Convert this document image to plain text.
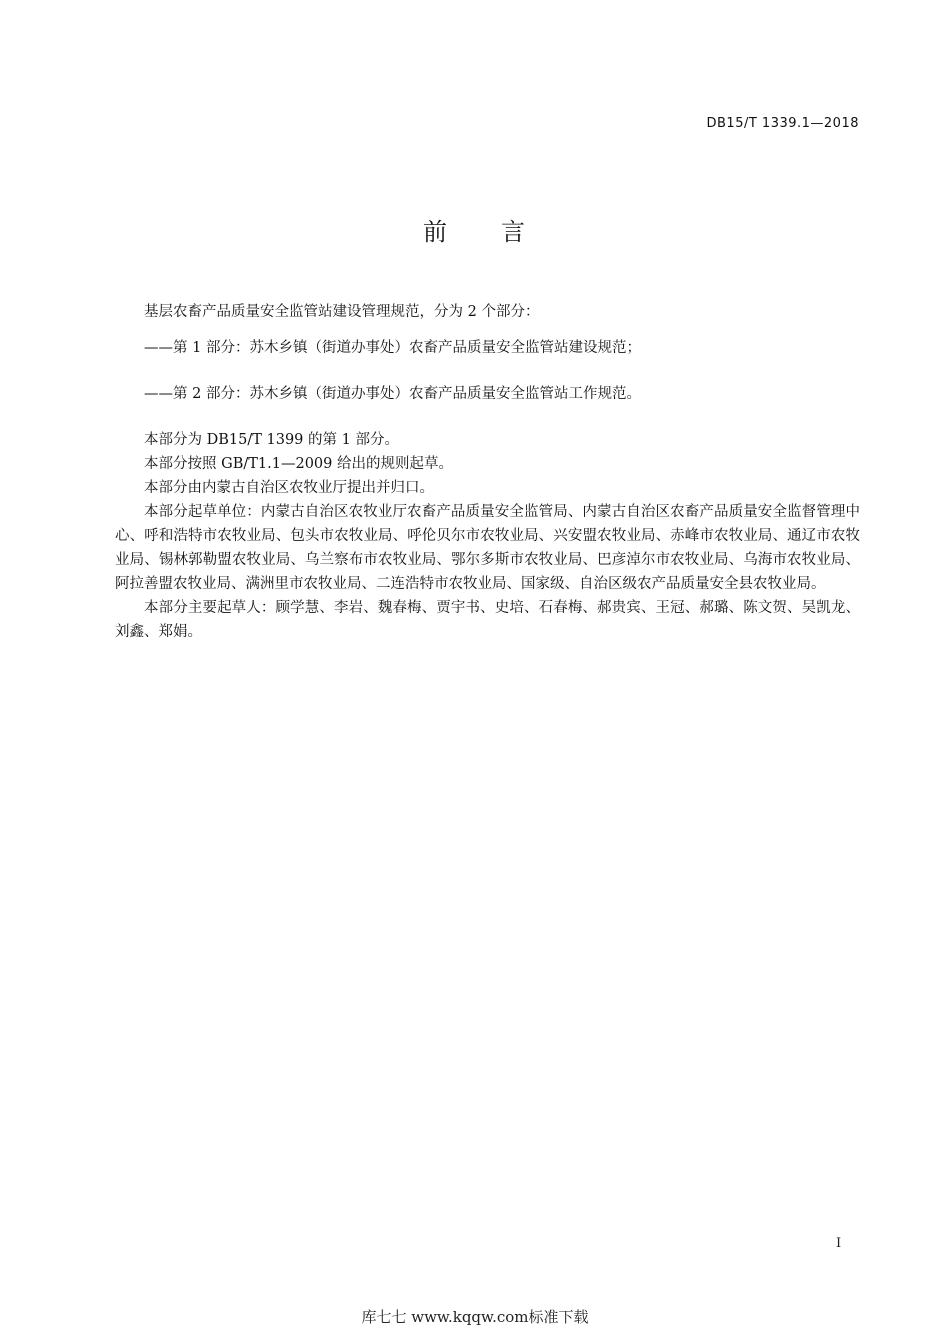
DB15/T 1339.1—2018
前　　言

基层农畜产品质量安全监管站建设管理规范，分为 2 个部分：

——第 1 部分：苏木乡镇（街道办事处）农畜产品质量安全监管站建设规范；

——第 2 部分：苏木乡镇（街道办事处）农畜产品质量安全监管站工作规范。

本部分为 DB15/T 1399 的第 1 部分。

本部分按照 GB/T1.1—2009 给出的规则起草。

本部分由内蒙古自治区农牧业厅提出并归口。

本部分起草单位：内蒙古自治区农牧业厅农畜产品质量安全监管局、内蒙古自治区农畜产品质量安全监督管理中心、呼和浩特市农牧业局、包头市农牧业局、呼伦贝尔市农牧业局、兴安盟农牧业局、赤峰市农牧业局、通辽市农牧业局、锡林郭勒盟农牧业局、乌兰察布市农牧业局、鄂尔多斯市农牧业局、巴彦淖尔市农牧业局、乌海市农牧业局、阿拉善盟农牧业局、满洲里市农牧业局、二连浩特市农牧业局、国家级、自治区级农产品质量安全县农牧业局。

本部分主要起草人：顾学慧、李岩、魏春梅、贾宇书、史培、石春梅、郝贵宾、王冠、郝璐、陈文贺、吴凯龙、刘鑫、郑娟。

I
库七七 www.kqqw.com标准下载
